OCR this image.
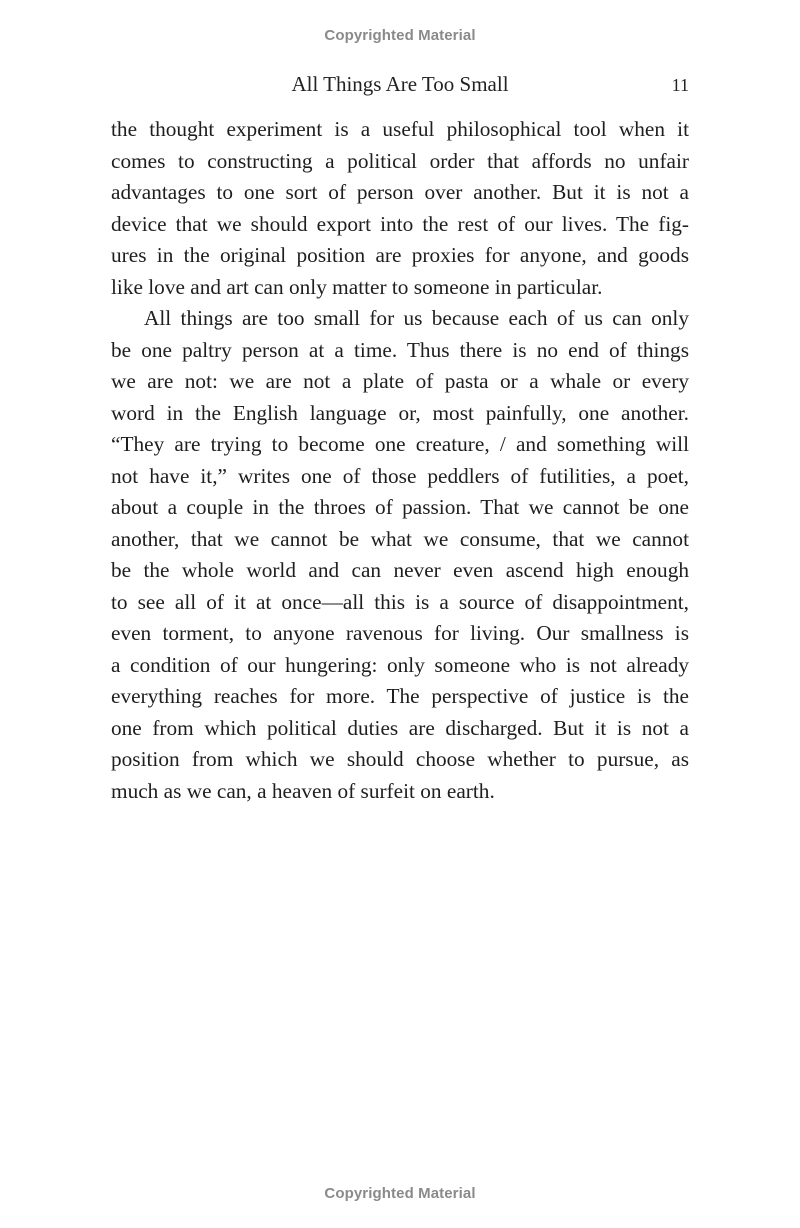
Copyrighted Material
All Things Are Too Small	11
the thought experiment is a useful philosophical tool when it
comes to constructing a political order that affords no unfair
advantages to one sort of person over another. But it is not a
device that we should export into the rest of our lives. The fig-
ures in the original position are proxies for anyone, and goods
like love and art can only matter to someone in particular.
All things are too small for us because each of us can only
be one paltry person at a time. Thus there is no end of things
we are not: we are not a plate of pasta or a whale or every
word in the English language or, most painfully, one another.
“They are trying to become one creature, / and something will
not have it,” writes one of those peddlers of futilities, a poet,
about a couple in the throes of passion. That we cannot be one
another, that we cannot be what we consume, that we cannot
be the whole world and can never even ascend high enough
to see all of it at once—all this is a source of disappointment,
even torment, to anyone ravenous for living. Our smallness is
a condition of our hungering: only someone who is not already
everything reaches for more. The perspective of justice is the
one from which political duties are discharged. But it is not a
position from which we should choose whether to pursue, as
much as we can, a heaven of surfeit on earth.
Copyrighted Material
